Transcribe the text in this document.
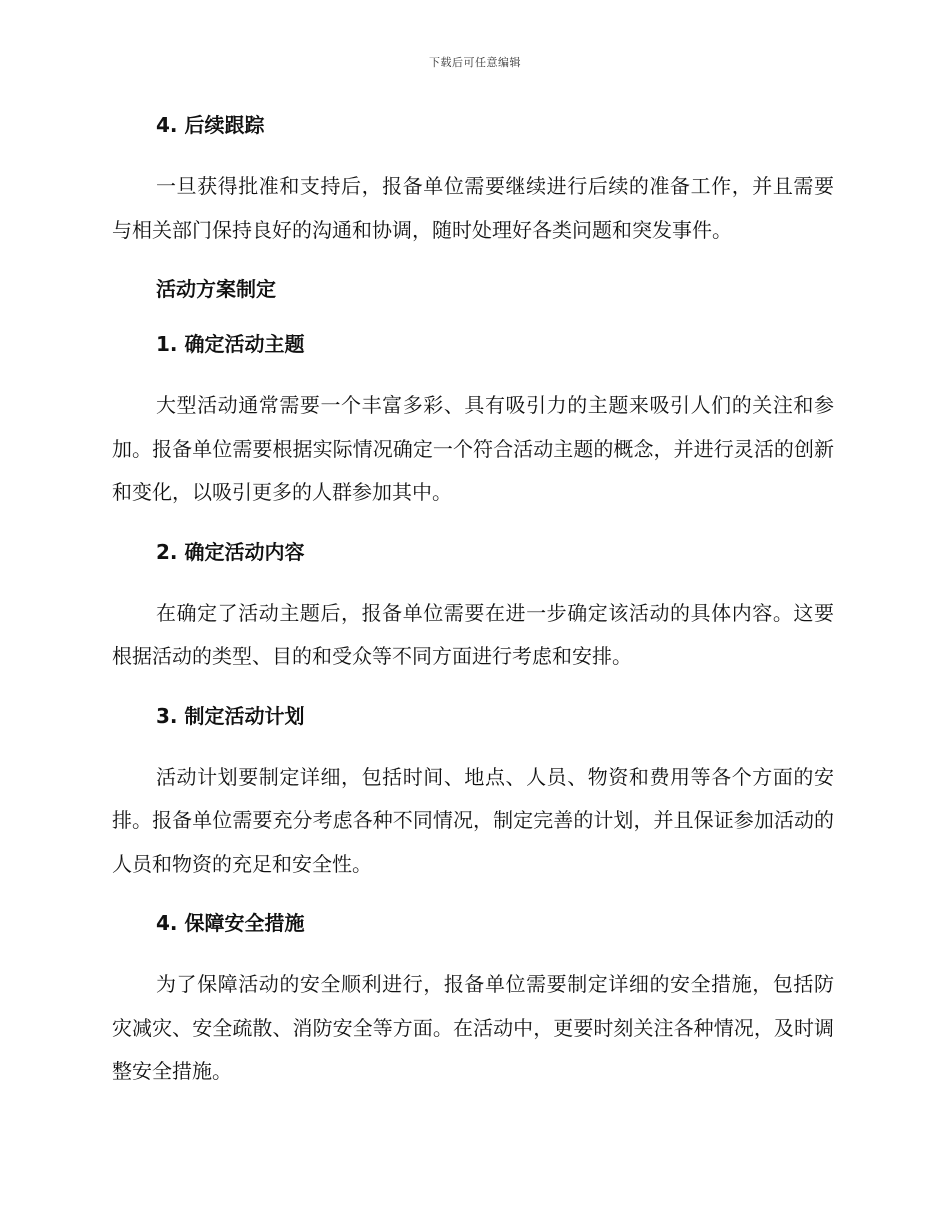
下载后可任意编辑
4. 后续跟踪

一旦获得批准和支持后，报备单位需要继续进行后续的准备工作，并且需要与相关部门保持良好的沟通和协调，随时处理好各类问题和突发事件。

活动方案制定
1. 确定活动主题

大型活动通常需要一个丰富多彩、具有吸引力的主题来吸引人们的关注和参加。报备单位需要根据实际情况确定一个符合活动主题的概念，并进行灵活的创新和变化，以吸引更多的人群参加其中。

2. 确定活动内容

在确定了活动主题后，报备单位需要在进一步确定该活动的具体内容。这要根据活动的类型、目的和受众等不同方面进行考虑和安排。

3. 制定活动计划

活动计划要制定详细，包括时间、地点、人员、物资和费用等各个方面的安排。报备单位需要充分考虑各种不同情况，制定完善的计划，并且保证参加活动的人员和物资的充足和安全性。

4. 保障安全措施

为了保障活动的安全顺利进行，报备单位需要制定详细的安全措施，包括防灾减灾、安全疏散、消防安全等方面。在活动中，更要时刻关注各种情况，及时调整安全措施。
